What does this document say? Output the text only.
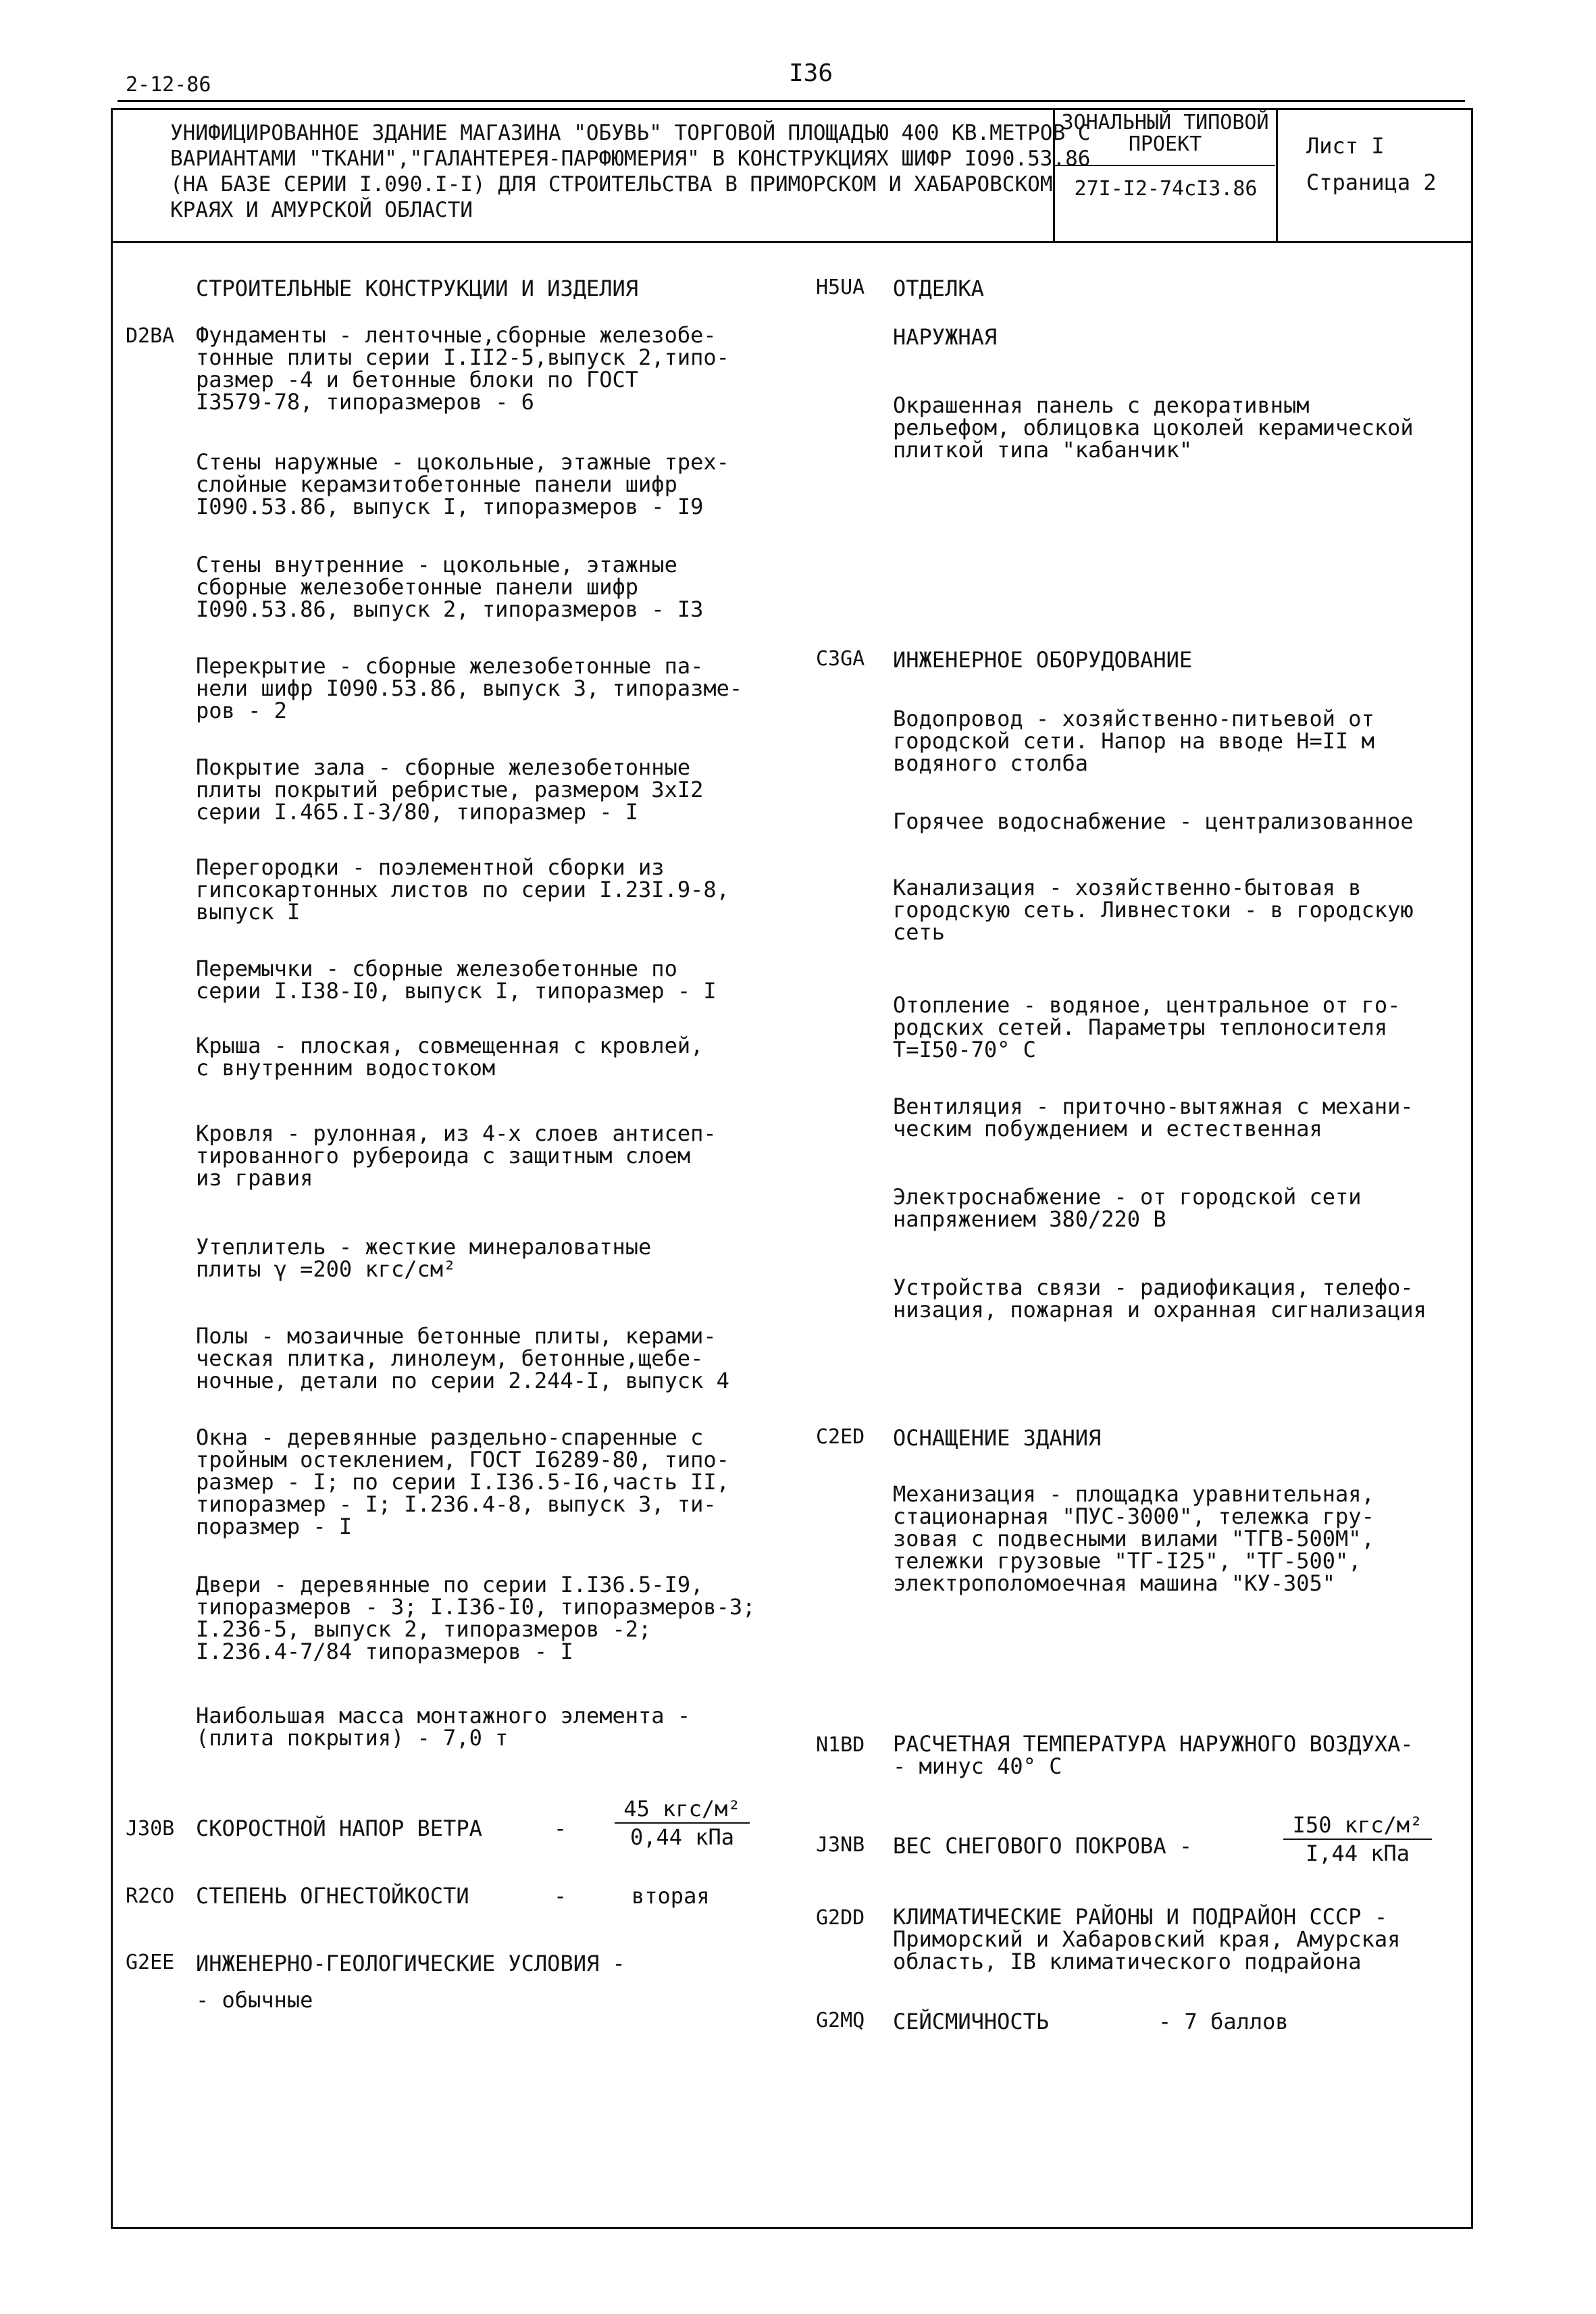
2-12-86	I36
УНИФИЦИРОВАННОЕ ЗДАНИЕ МАГАЗИНА "ОБУВЬ" ТОРГОВОЙ ПЛОЩАДЬЮ 400 КВ.МЕТРОВ С ВАРИАНТАМИ "ТКАНИ","ГАЛАНТЕРЕЯ-ПАРФЮМЕРИЯ" В КОНСТРУКЦИЯХ ШИФР IO90.53.86 (НА БАЗЕ СЕРИИ I.090.I-I) ДЛЯ СТРОИТЕЛЬСТВА В ПРИМОРСКОМ И ХАБАРОВСКОМ КРАЯХ И АМУРСКОЙ ОБЛАСТИ
ЗОНАЛЬНЫЙ ТИПОВОЙ ПРОЕКТ
27I-I2-74сI3.86
Лист I
Страница 2
СТРОИТЕЛЬНЫЕ КОНСТРУКЦИИ И ИЗДЕЛИЯ
D2BA Фундаменты - ленточные,сборные железобе-
тонные плиты серии I.II2-5,выпуск 2,типо-
размер -4 и бетонные блоки по ГОСТ
I3579-78, типоразмеров - 6
Стены наружные - цокольные, этажные трех-
слойные керамзитобетонные панели шифр
I090.53.86, выпуск I, типоразмеров - I9
Стены внутренние - цокольные, этажные
сборные железобетонные панели шифр
I090.53.86, выпуск 2, типоразмеров - I3
Перекрытие - сборные железобетонные па-
нели шифр I090.53.86, выпуск 3, типоразме-
ров - 2
Покрытие зала - сборные железобетонные
плиты покрытий ребристые, размером 3хI2
серии I.465.I-3/80, типоразмер - I
Перегородки - поэлементной сборки из
гипсокартонных листов по серии I.23I.9-8,
выпуск I
Перемычки - сборные железобетонные по
серии I.I38-I0, выпуск I, типоразмер - I
Крыша - плоская, совмещенная с кровлей,
с внутренним водостоком
Кровля - рулонная, из 4-х слоев антисеп-
тированного рубероида с защитным слоем
из гравия
Утеплитель - жесткие минераловатные
плиты γ =200 кгс/см²
Полы - мозаичные бетонные плиты, керами-
ческая плитка, линолеум, бетонные,щебе-
ночные, детали по серии 2.244-I, выпуск 4
Окна - деревянные раздельно-спаренные с
тройным остеклением, ГОСТ I6289-80, типо-
размер - I; по серии I.I36.5-I6,часть II,
типоразмер - I; I.236.4-8, выпуск 3, ти-
поразмер - I
Двери - деревянные по серии I.I36.5-I9,
типоразмеров - 3; I.I36-I0, типоразмеров-3;
I.236-5, выпуск 2, типоразмеров -2;
I.236.4-7/84 типоразмеров - I
Наибольшая масса монтажного элемента -
(плита покрытия) - 7,0 т
J30B СКОРОСТНОЙ НАПОР ВЕТРА	-
45 кгс/м²
0,44 кПа
R2CO СТЕПЕНЬ ОГНЕСТОЙКОСТИ	-	вторая
G2EE ИНЖЕНЕРНО-ГЕОЛОГИЧЕСКИЕ УСЛОВИЯ -
- обычные
H5UA ОТДЕЛКА
НАРУЖНАЯ
Окрашенная панель с декоративным
рельефом, облицовка цоколей керамической
плиткой типа "кабанчик"
C3GA ИНЖЕНЕРНОЕ ОБОРУДОВАНИЕ
Водопровод - хозяйственно-питьевой от
городской сети. Напор на вводе Н=II м
водяного столба
Горячее водоснабжение - централизованное
Канализация - хозяйственно-бытовая в
городскую сеть. Ливнестоки - в городскую
сеть
Отопление - водяное, центральное от го-
родских сетей. Параметры теплоносителя
Т=I50-70° С
Вентиляция - приточно-вытяжная с механи-
ческим побуждением и естественная
Электроснабжение - от городской сети
напряжением 380/220 В
Устройства связи - радиофикация, телефо-
низация, пожарная и охранная сигнализация
C2ED ОСНАЩЕНИЕ ЗДАНИЯ
Механизация - площадка уравнительная,
стационарная "ПУС-3000", тележка гру-
зовая с подвесными вилами "ТГВ-500М",
тележки грузовые "ТГ-I25", "ТГ-500",
электрополомоечная машина "КУ-305"
N1BD РАСЧЕТНАЯ ТЕМПЕРАТУРА НАРУЖНОГО ВОЗДУХА-
- минус 40° С
J3NB ВЕС СНЕГОВОГО ПОКРОВА -
I50 кгс/м²
I,44 кПа
G2DD КЛИМАТИЧЕСКИЕ РАЙОНЫ И ПОДРАЙОН СССР -
Приморский и Хабаровский края, Амурская
область, IВ климатического подрайона
G2MQ СЕЙСМИЧНОСТЬ	- 7 баллов
